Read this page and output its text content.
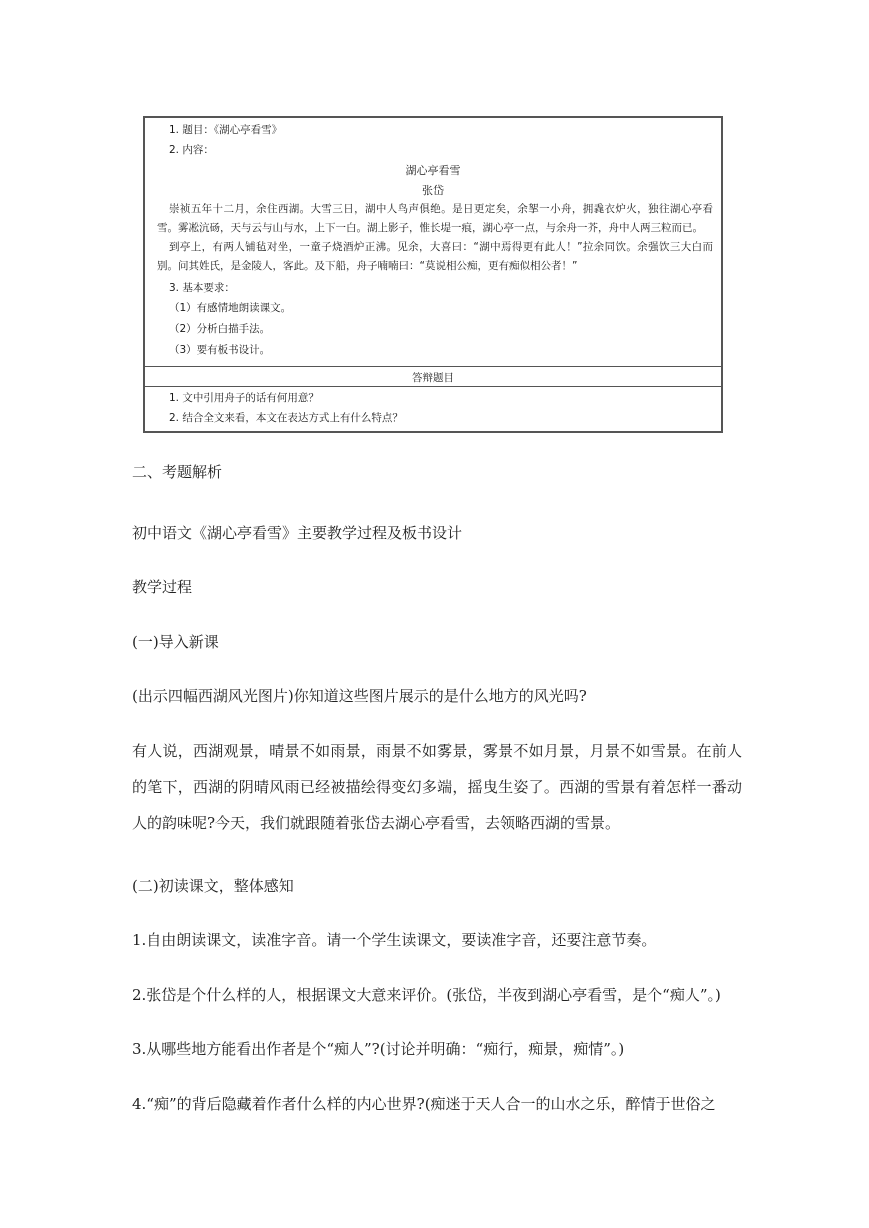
1. 题目：《湖心亭看雪》
2. 内容：
湖心亭看雪
张岱
崇祯五年十二月，余住西湖。大雪三日，湖中人鸟声俱绝。是日更定矣，余挐一小舟，拥毳衣炉火，独往湖心亭看雪。雾凇沆砀，天与云与山与水，上下一白。湖上影子，惟长堤一痕，湖心亭一点，与余舟一芥，舟中人两三粒而已。
到亭上，有两人铺毡对坐，一童子烧酒炉正沸。见余，大喜曰：“湖中焉得更有此人！”拉余同饮。余强饮三大白而别。问其姓氏，是金陵人，客此。及下船，舟子喃喃曰：“莫说相公痴，更有痴似相公者！”
3. 基本要求：
（1）有感情地朗读课文。
（2）分析白描手法。
（3）要有板书设计。
答辩题目
1. 文中引用舟子的话有何用意？
2. 结合全文来看，本文在表达方式上有什么特点？
二、考题解析
初中语文《湖心亭看雪》主要教学过程及板书设计
教学过程
(一)导入新课
(出示四幅西湖风光图片)你知道这些图片展示的是什么地方的风光吗?
有人说，西湖观景，晴景不如雨景，雨景不如雾景，雾景不如月景，月景不如雪景。在前人的笔下，西湖的阴晴风雨已经被描绘得变幻多端，摇曳生姿了。西湖的雪景有着怎样一番动人的韵味呢?今天，我们就跟随着张岱去湖心亭看雪，去领略西湖的雪景。
(二)初读课文，整体感知
1.自由朗读课文，读准字音。请一个学生读课文，要读准字音，还要注意节奏。
2.张岱是个什么样的人，根据课文大意来评价。(张岱，半夜到湖心亭看雪，是个“痴人”。)
3.从哪些地方能看出作者是个“痴人”?(讨论并明确：“痴行，痴景，痴情”。)
4.“痴”的背后隐藏着作者什么样的内心世界?(痴迷于天人合一的山水之乐，醉情于世俗之
